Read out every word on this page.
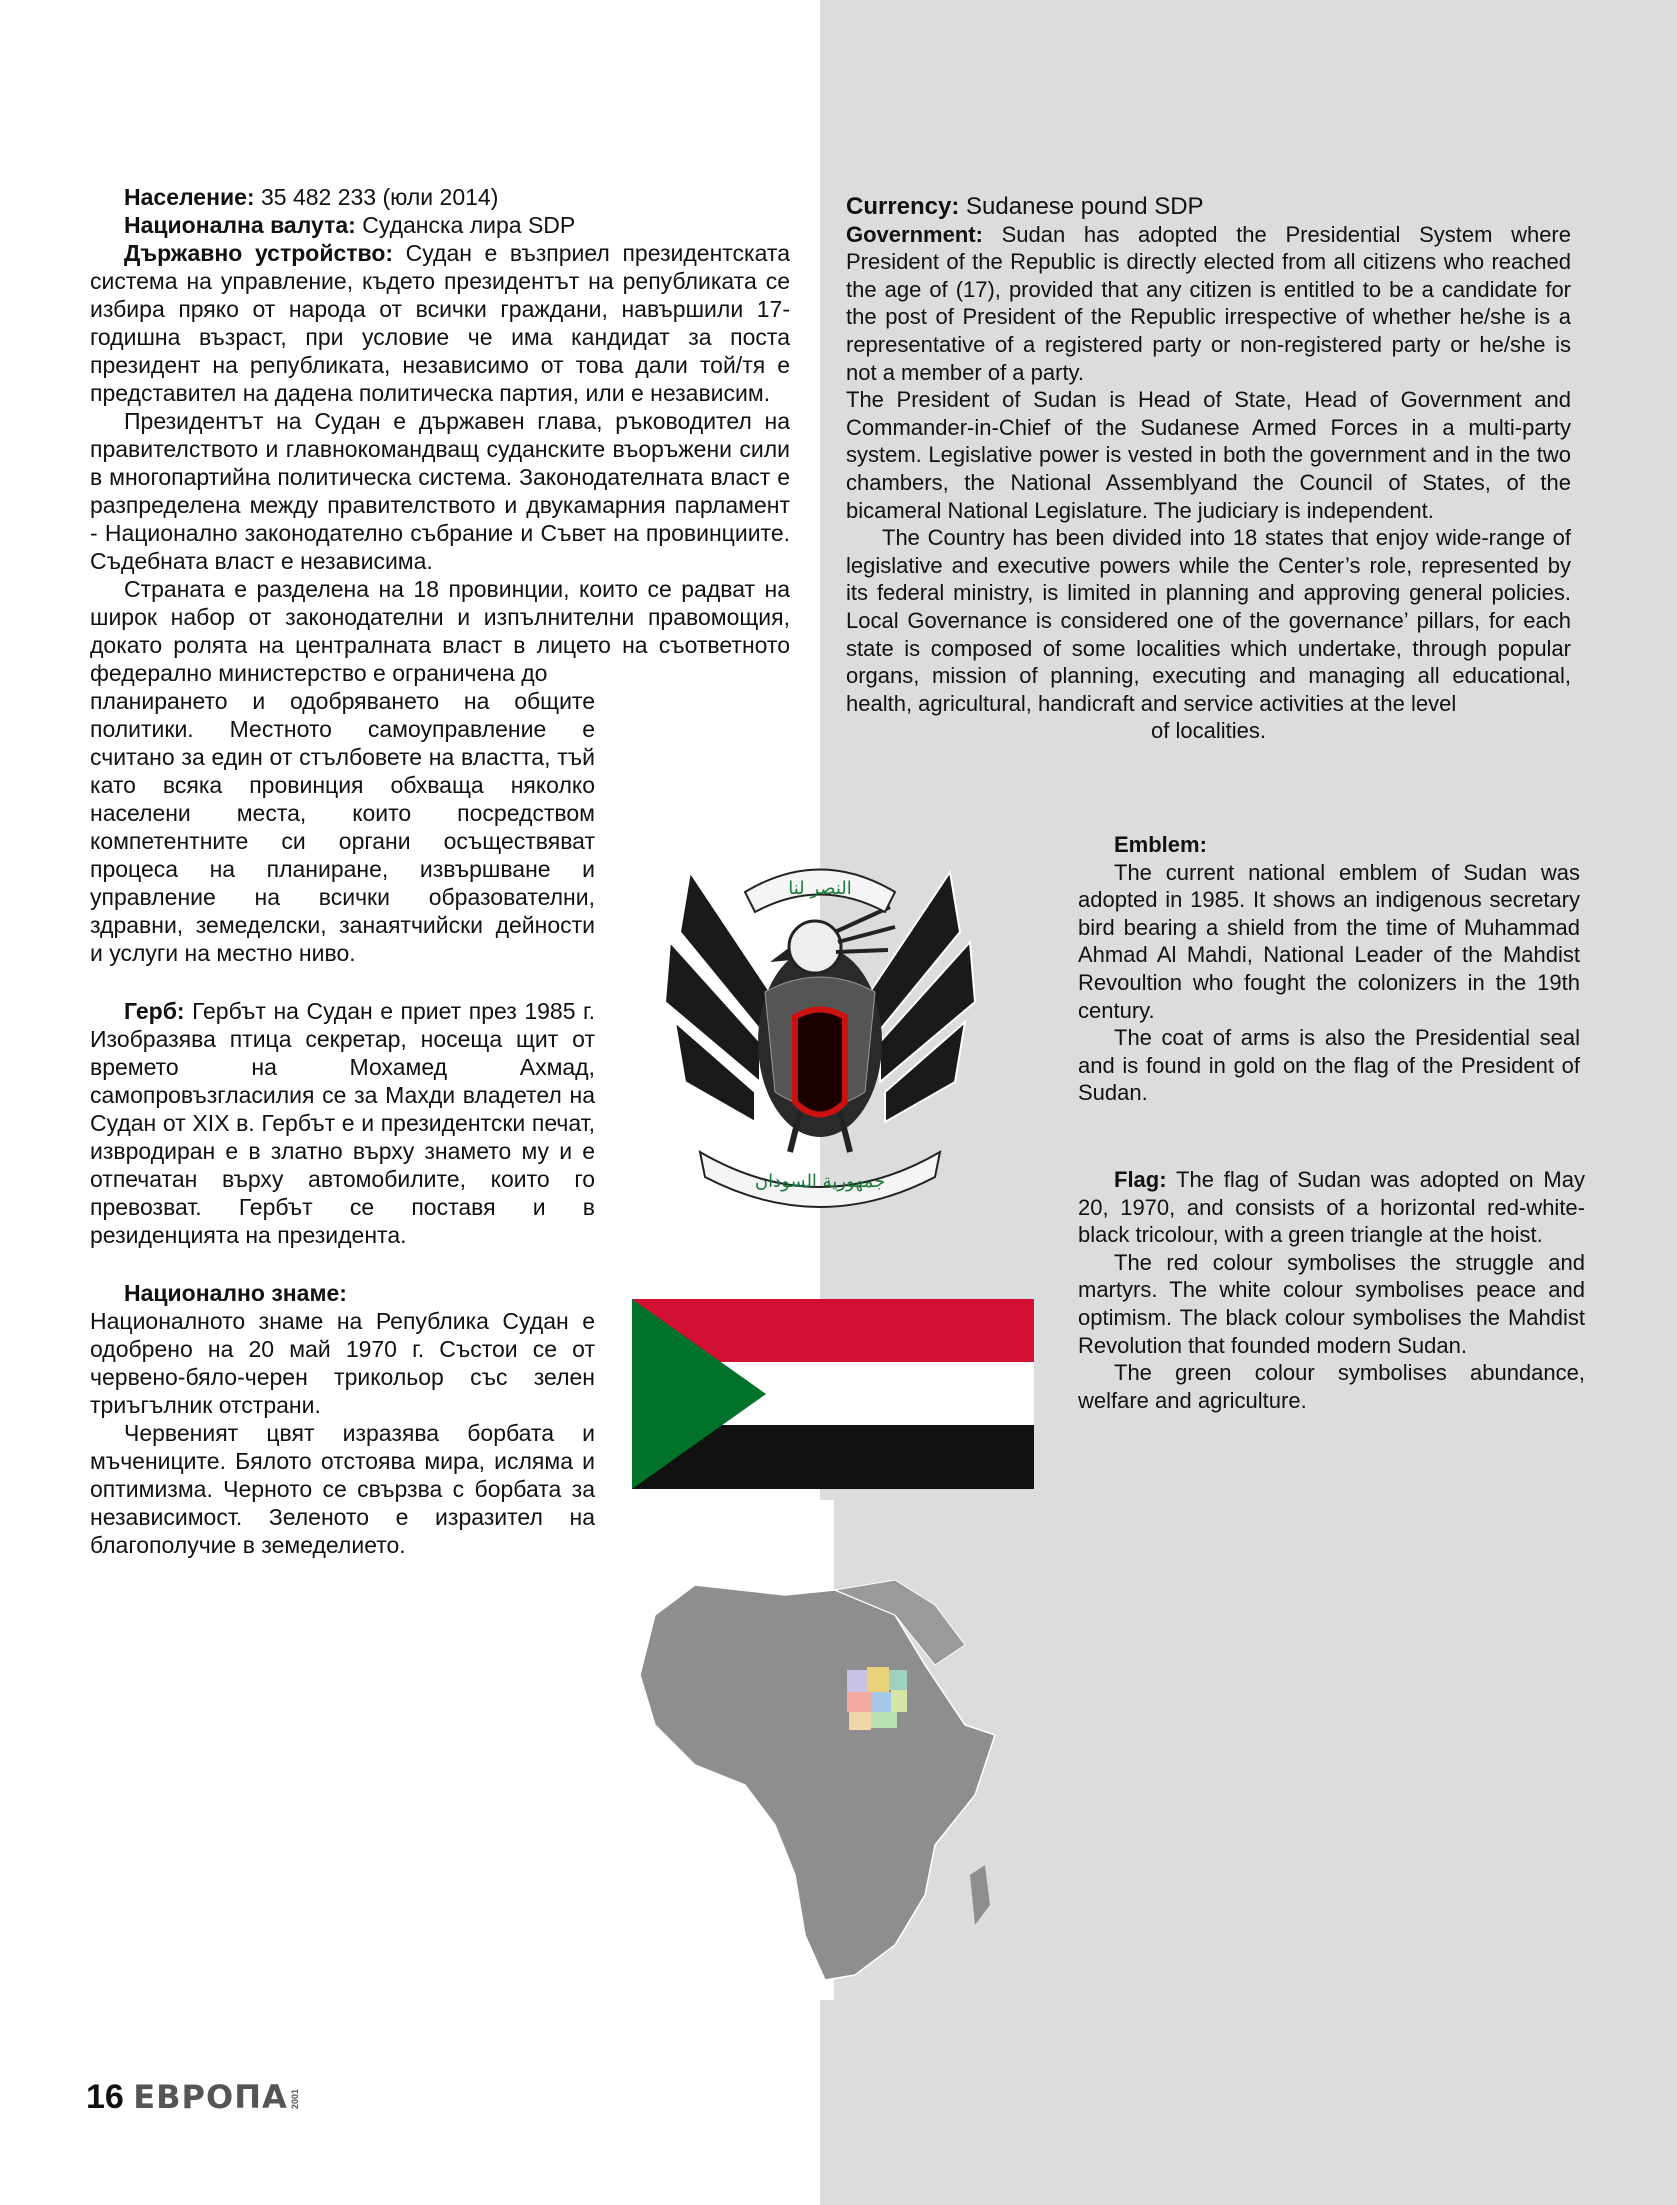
Население: 35 482 233 (юли 2014)

Национална валута: Суданска лира SDP

Държавно устройство: Судан е възприел президентската система на управление, където президентът на републиката се избира пряко от народа от всички граждани, навършили 17-годишна възраст, при условие че има кандидат за поста президент на републиката, независимо от това дали той/тя е представител на дадена политическа партия, или е независим.

Президентът на Судан е държавен глава, ръководител на правителството и главнокомандващ суданските въоръжени сили в многопартийна политическа система. Законодателната власт е разпределена между правителството и двукамарния парламент - Национално законодателно събрание и Съвет на провинциите. Съдебната власт е независима.

Страната е разделена на 18 провинции, които се радват на широк набор от законодателни и изпълнителни правомощия, докато ролята на централната власт в лицето на съответното федерално министерство е ограничена до

планирането и одобряването на общите политики. Местното самоуправление е считано за един от стълбовете на властта, тъй като всяка провинция обхваща няколко населени места, които посредством компетентните си органи осъществяват процеса на планиране, извършване и управление на всички образователни, здравни, земеделски, занаятчийски дейности и услуги на местно ниво.

Герб: Гербът на Судан е приет през 1985 г. Изобразява птица секретар, носеща щит от времето на Мохамед Ахмад, самопровъзгласилия се за Махди владетел на Судан от XIX в. Гербът е и президентски печат, извродиран е в златно върху знамето му и е отпечатан върху автомобилите, които го превозват. Гербът се поставя и в резиденцията на президента.

Национално знаме:

Националното знаме на Република Судан е одобрено на 20 май 1970 г. Състои се от червено-бяло-черен трикольор със зелен триъгълник отстрани.

Червеният цвят изразява борбата и мъчениците. Бялото отстоява мира, исляма и оптимизма. Черното се свързва с борбата за независимост. Зеленото е изразител на благополучие в земеделието.

Currency: Sudanese pound SDP

Government: Sudan has adopted the Presidential System where President of the Republic is directly elected from all citizens who reached the age of (17), provided that any citizen is entitled to be a candidate for the post of President of the Republic irrespective of whether he/she is a representative of a registered party or non-registered party or he/she is not a member of a party.

The President of Sudan is Head of State, Head of Government and Commander-in-Chief of the Sudanese Armed Forces in a multi-party system. Legislative power is vested in both the government and in the two chambers, the National Assemblyand the Council of States, of the bicameral National Legislature. The judiciary is independent.

The Country has been divided into 18 states that enjoy wide-range of legislative and executive powers while the Center’s role, represented by its federal ministry, is limited in planning and approving general policies. Local Governance is considered one of the governance’ pillars, for each state is composed of some localities which undertake, through popular organs, mission of planning, executing and managing all educational, health, agricultural, handicraft and service activities at the level

of localities.

Emblem:

The current national emblem of Sudan was adopted in 1985. It shows an indigenous secretary bird bearing a shield from the time of Muhammad Ahmad Al Mahdi, National Leader of the Mahdist Revoultion who fought the colonizers in the 19th century.

The coat of arms is also the Presidential seal and is found in gold on the flag of the President of Sudan.

Flag: The flag of Sudan was adopted on May 20, 1970, and consists of a horizontal red-white-black tricolour, with a green triangle at the hoist.

The red colour symbolises the struggle and martyrs. The white colour symbolises peace and optimism. The black colour symbolises the Mahdist Revolution that founded modern Sudan.

The green colour symbolises abundance, welfare and agriculture.

النصر لنا
جمهورية السودان
16 ЕВРОПА 2001
